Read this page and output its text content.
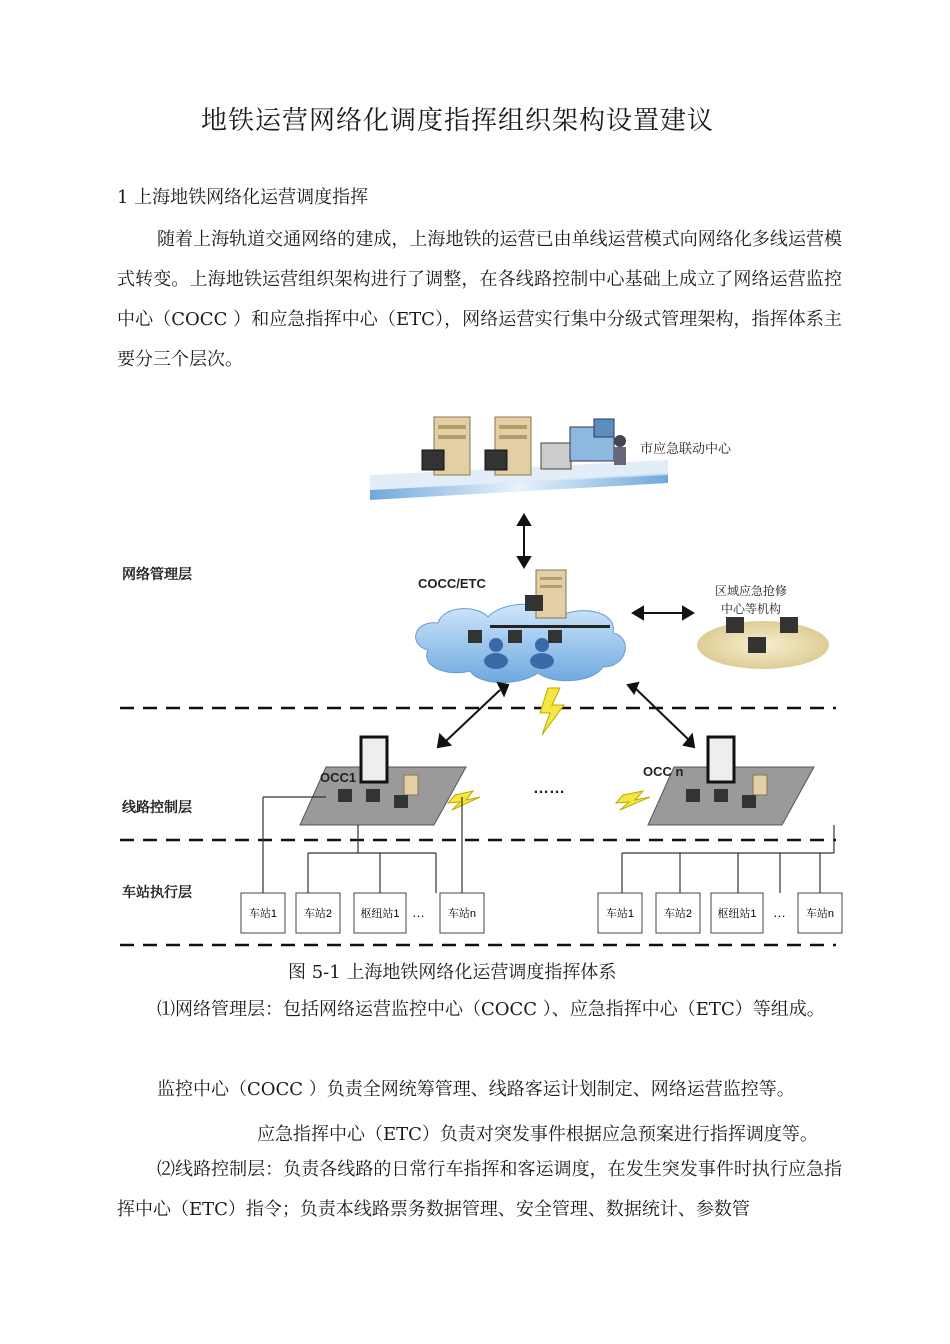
地铁运营网络化调度指挥组织架构设置建议
1 上海地铁网络化运营调度指挥

随着上海轨道交通网络的建成，上海地铁的运营已由单线运营模式向网络化多线运营模式转变。上海地铁运营组织架构进行了调整，在各线路控制中心基础上成立了网络运营监控中心（COCC ）和应急指挥中心（ETC），网络运营实行集中分级式管理架构，指挥体系主要分三个层次。

市应急联动中心
网络管理层
线路控制层
车站执行层
COCC/ETC	区域应急抢修
中心等机构
OCC1	OCC n
……
车站1 车站2	枢纽站1 … 车站n	车站1	车站2 枢纽站1 … 车站n
图 5-1 上海地铁网络化运营调度指挥体系

⑴网络管理层：包括网络运营监控中心（COCC ）、应急指挥中心（ETC）等组成。

监控中心（COCC ）负责全网统筹管理、线路客运计划制定、网络运营监控等。

应急指挥中心（ETC）负责对突发事件根据应急预案进行指挥调度等。

⑵线路控制层：负责各线路的日常行车指挥和客运调度，在发生突发事件时执行应急指挥中心（ETC）指令；负责本线路票务数据管理、安全管理、数据统计、参数管
